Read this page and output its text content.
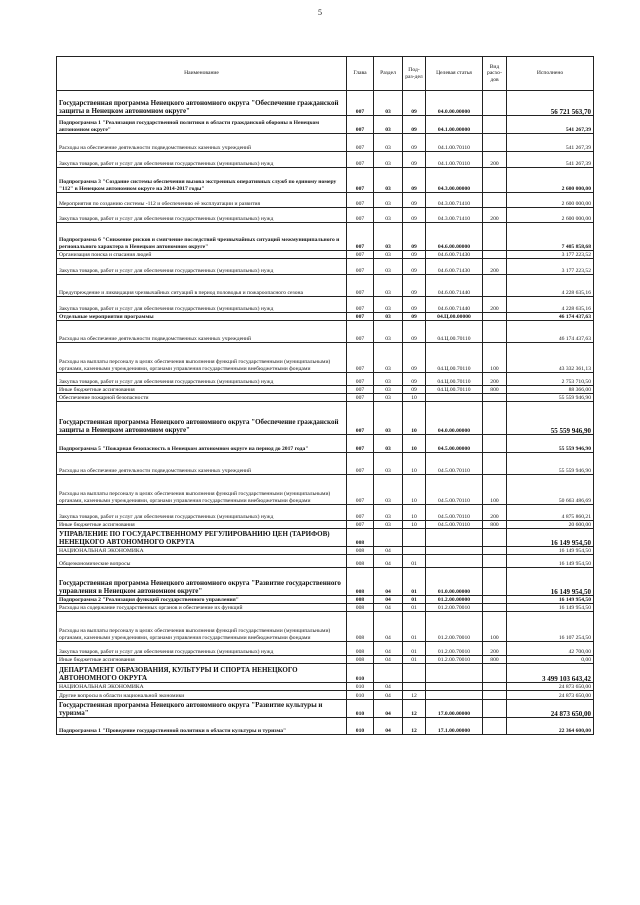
5
Наименование	Глава	Раздел	Под-раз-дел	Целевая статья	Вид расхо-дов	Исполнено
Государственная программа Ненецкого автономного округа "Обеспечение гражданской защиты в Ненецком автономном округе"	007	03	09	04.0.00.00000		56 721 563,70
Подпрограмма 1 "Реализация государственной политики в области гражданской обороны в Ненецком автономном округе"	007	03	09	04.1.00.00000		541 267,39
Расходы на обеспечение деятельности подведомственных казенных учреждений	007	03	09	04.1.00.70110		541 267,39
Закупка товаров, работ и услуг для обеспечения государственных (муниципальных) нужд	007	03	09	04.1.00.70110	200	541 267,39
Подпрограмма 3 "Создание системы обеспечения вызова экстренных оперативных служб по единому номеру "112" в Ненецком автономном округе на 2014-2017 годы"	007	03	09	04.3.00.00000		2 600 000,00
Мероприятия по созданию системы -112 и обеспечению её эксплуатации и развития	007	03	09	04.3.00.71410		2 600 000,00
Закупка товаров, работ и услуг для обеспечения государственных (муниципальных) нужд	007	03	09	04.3.00.71410	200	2 600 000,00
Подпрограмма 6 "Снижение рисков и смягчение последствий чрезвычайных ситуаций межмуниципального и регионального характера в Ненецком автономном округе"	007	03	09	04.6.00.00000		7 405 858,68
Организация поиска и спасания людей	007	03	09	04.6.00.71430		3 177 223,52
Закупка товаров, работ и услуг для обеспечения государственных (муниципальных) нужд	007	03	09	04.6.00.71430	200	3 177 223,52
Предупреждение и ликвидация чрезвычайных ситуаций в период половодья и пожароопасного сезона	007	03	09	04.6.00.71440		4 228 635,16
Закупка товаров, работ и услуг для обеспечения государственных (муниципальных) нужд	007	03	09	04.6.00.71440	200	4 228 635,16
Отдельные мероприятия программы	007	03	09	04.Ц.00.00000		46 174 437,63
Расходы на обеспечение деятельности подведомственных казенных учреждений	007	03	09	04.Ц.00.70110		46 174 437,63
Расходы на выплаты персоналу в целях обеспечения выполнения функций государственными (муниципальными) органами, казенными учреждениями, органами управления государственными внебюджетными фондами	007	03	09	04.Ц.00.70110	100	43 332 361,13
Закупка товаров, работ и услуг для обеспечения государственных (муниципальных) нужд	007	03	09	04.Ц.00.70110	200	2 753 710,50
Иные бюджетные ассигнования	007	03	09	04.Ц.00.70110	800	88 366,00
Обеспечение пожарной безопасности	007	03	10			55 559 946,90
Государственная программа Ненецкого автономного округа "Обеспечение гражданской защиты в Ненецком автономном округе"	007	03	10	04.0.00.00000		55 559 946,90
Подпрограмма 5 "Пожарная безопасность в Ненецком автономном округе на период до 2017 года"	007	03	10	04.5.00.00000		55 559 946,90
Расходы на обеспечение деятельности подведомственных казенных учреждений	007	03	10	04.5.00.70110		55 559 946,90
Расходы на выплаты персоналу в целях обеспечения выполнения функций государственными (муниципальными) органами, казенными учреждениями, органами управления государственными внебюджетными фондами	007	03	10	04.5.00.70110	100	50 663 486,69
Закупка товаров, работ и услуг для обеспечения государственных (муниципальных) нужд	007	03	10	04.5.00.70110	200	4 875 860,21
Иные бюджетные ассигнования	007	03	10	04.5.00.70110	800	20 600,00
УПРАВЛЕНИЕ ПО ГОСУДАРСТВЕННОМУ РЕГУЛИРОВАНИЮ ЦЕН (ТАРИФОВ) НЕНЕЦКОГО АВТОНОМНОГО ОКРУГА	008					16 149 954,50
НАЦИОНАЛЬНАЯ ЭКОНОМИКА	008	04				16 149 954,50
Общеэкономические вопросы	008	04	01			16 149 954,50
Государственная программа Ненецкого автономного округа "Развитие государственного управления в Ненецком автономном округе"	008	04	01	01.0.00.00000		16 149 954,50
Подпрограмма 2 "Реализация функций государственного управления"	008	04	01	01.2.00.00000		16 149 954,50
Расходы на содержание государственных органов и обеспечение их функций	008	04	01	01.2.00.70010		16 149 954,50
Расходы на выплаты персоналу в целях обеспечения выполнения функций государственными (муниципальными) органами, казенными учреждениями, органами управления государственными внебюджетными фондами	008	04	01	01.2.00.70010	100	16 107 254,50
Закупка товаров, работ и услуг для обеспечения государственных (муниципальных) нужд	008	04	01	01.2.00.70010	200	42 700,00
Иные бюджетные ассигнования	008	04	01	01.2.00.70010	800	0,00
ДЕПАРТАМЕНТ ОБРАЗОВАНИЯ, КУЛЬТУРЫ И СПОРТА НЕНЕЦКОГО АВТОНОМНОГО ОКРУГА	010					3 499 103 643,42
НАЦИОНАЛЬНАЯ ЭКОНОМИКА	010	04				24 873 650,00
Другие вопросы в области национальной экономики	010	04	12			24 873 650,00
Государственная программа Ненецкого автономного округа "Развитие культуры и туризма"	010	04	12	17.0.00.00000		24 873 650,00
Подпрограмма 1 "Проведение государственной политики в области культуры и туризма"	010	04	12	17.1.00.00000		22 364 600,00
